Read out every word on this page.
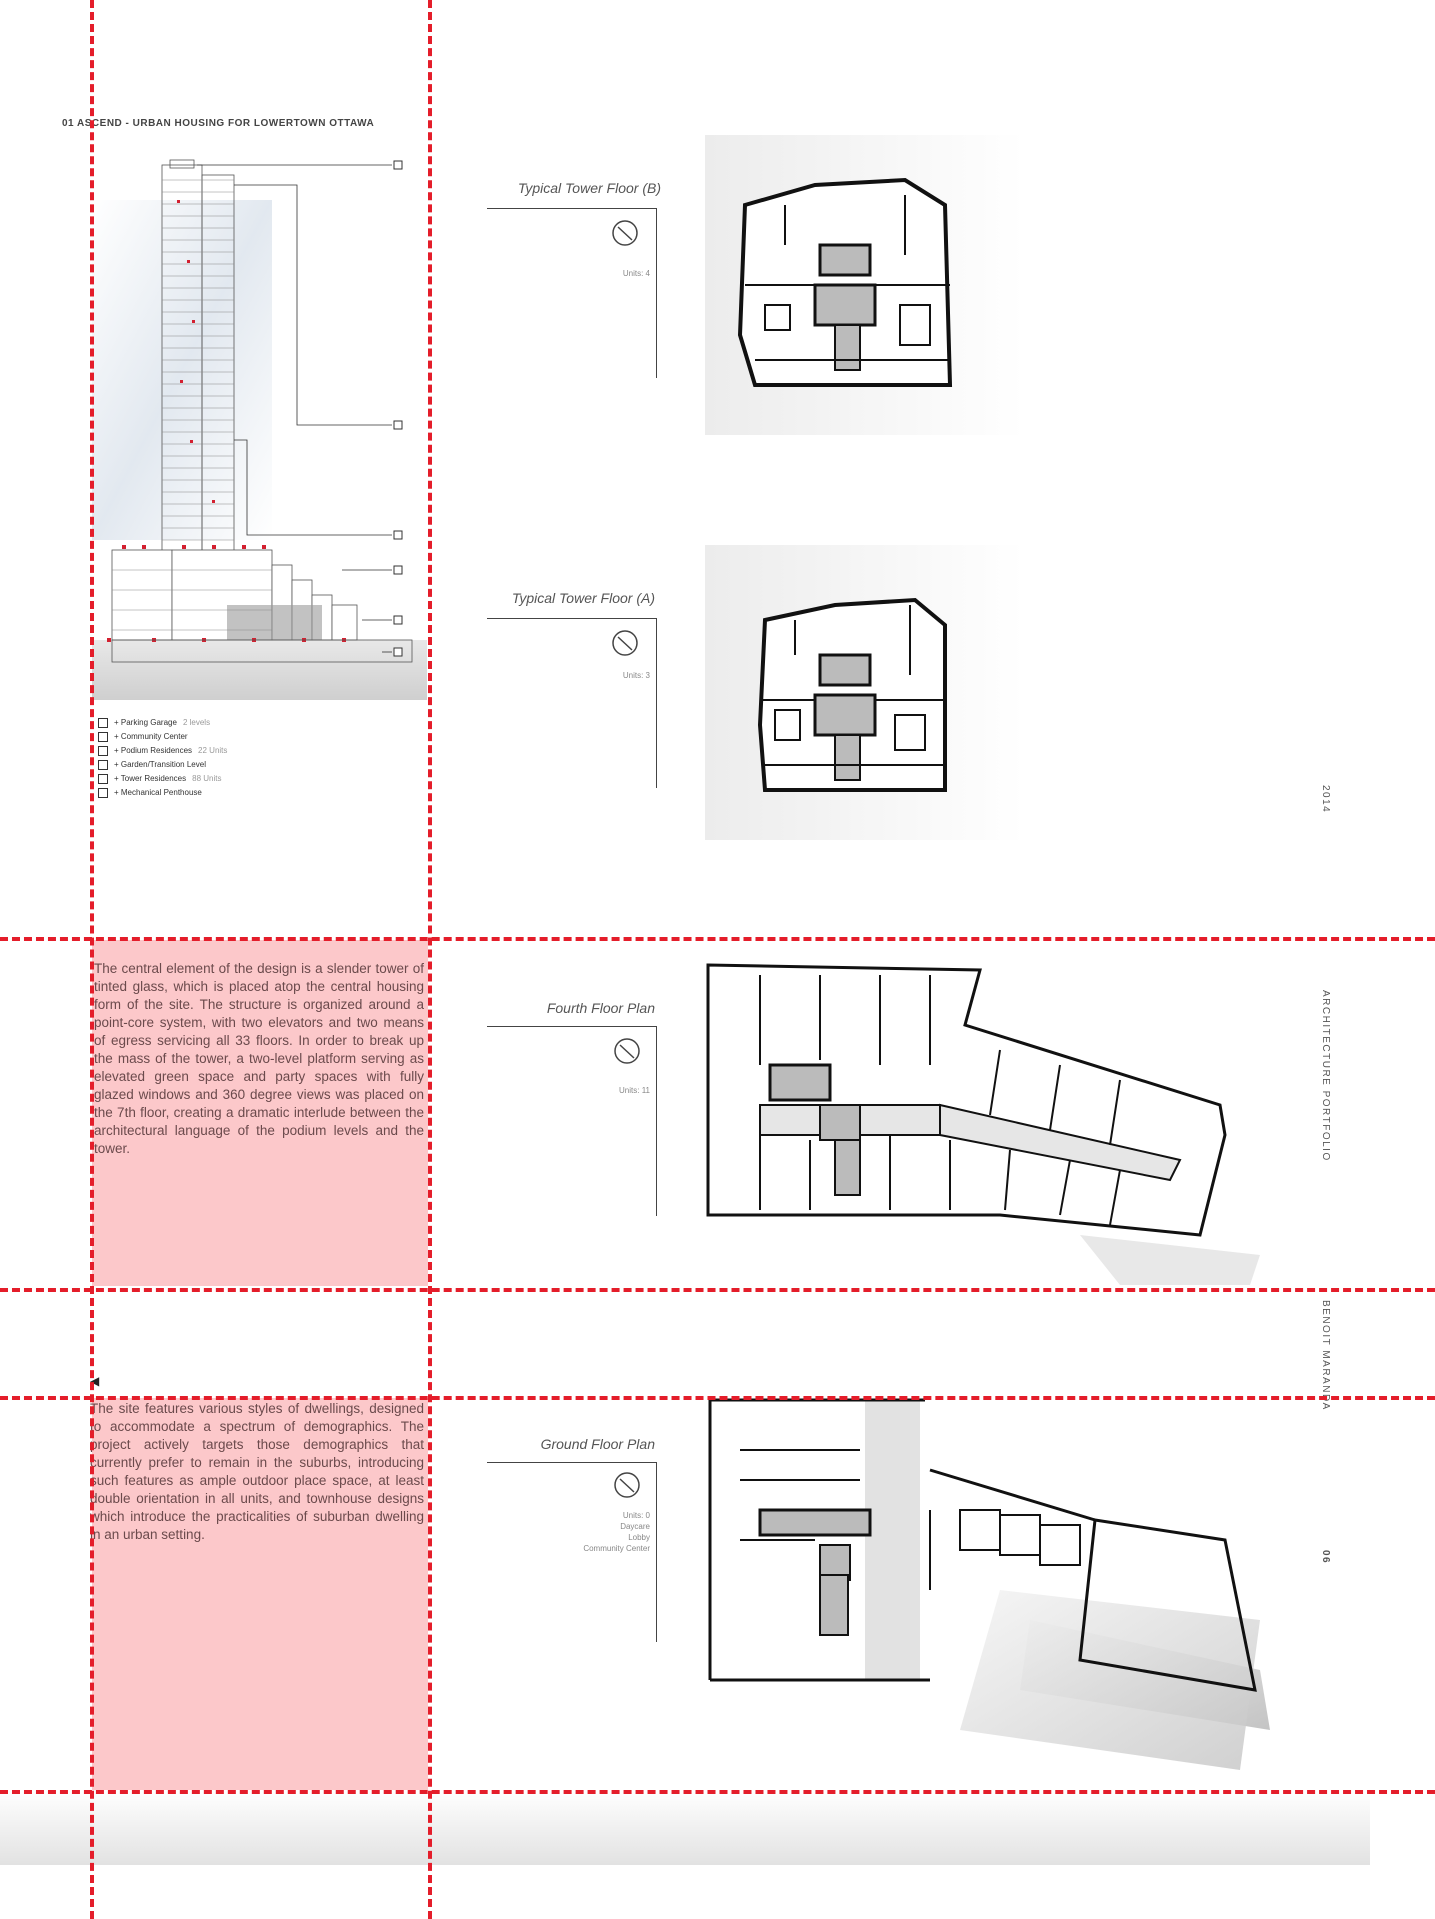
01 ASCEND - URBAN HOUSING FOR LOWERTOWN OTTAWA
+ Parking Garage 2 levels
+ Community Center
+ Podium Residences 22 Units
+ Garden/Transition Level
+ Tower Residences 88 Units
+ Mechanical Penthouse
The central element of the design is a slender tower of tinted glass, which is placed atop the central housing form of the site. The structure is organized around a point-core system, with two elevators and two means of egress servicing all 33 floors. In order to break up the mass of the tower, a two-level platform serving as elevated green space and party spaces with fully glazed windows and 360 degree views was placed on the 7th floor, creating a dramatic interlude between the architectural language of the podium levels and the tower.
◀
The site features various styles of dwellings, designed to accommodate a spectrum of demographics. The project actively targets those demographics that currently prefer to remain in the suburbs, introducing such features as ample outdoor place space, at least double orientation in all units, and townhouse designs which introduce the practicalities of suburban dwelling in an urban setting.
Typical Tower Floor (B)
Units: 4
Typical Tower Floor (A)
Units: 3
Fourth Floor Plan
Units: 11
Ground Floor Plan
Units: 0
Daycare
Lobby
Community Center
2014
ARCHITECTURE PORTFOLIO
BENOIT MARANDA
06
